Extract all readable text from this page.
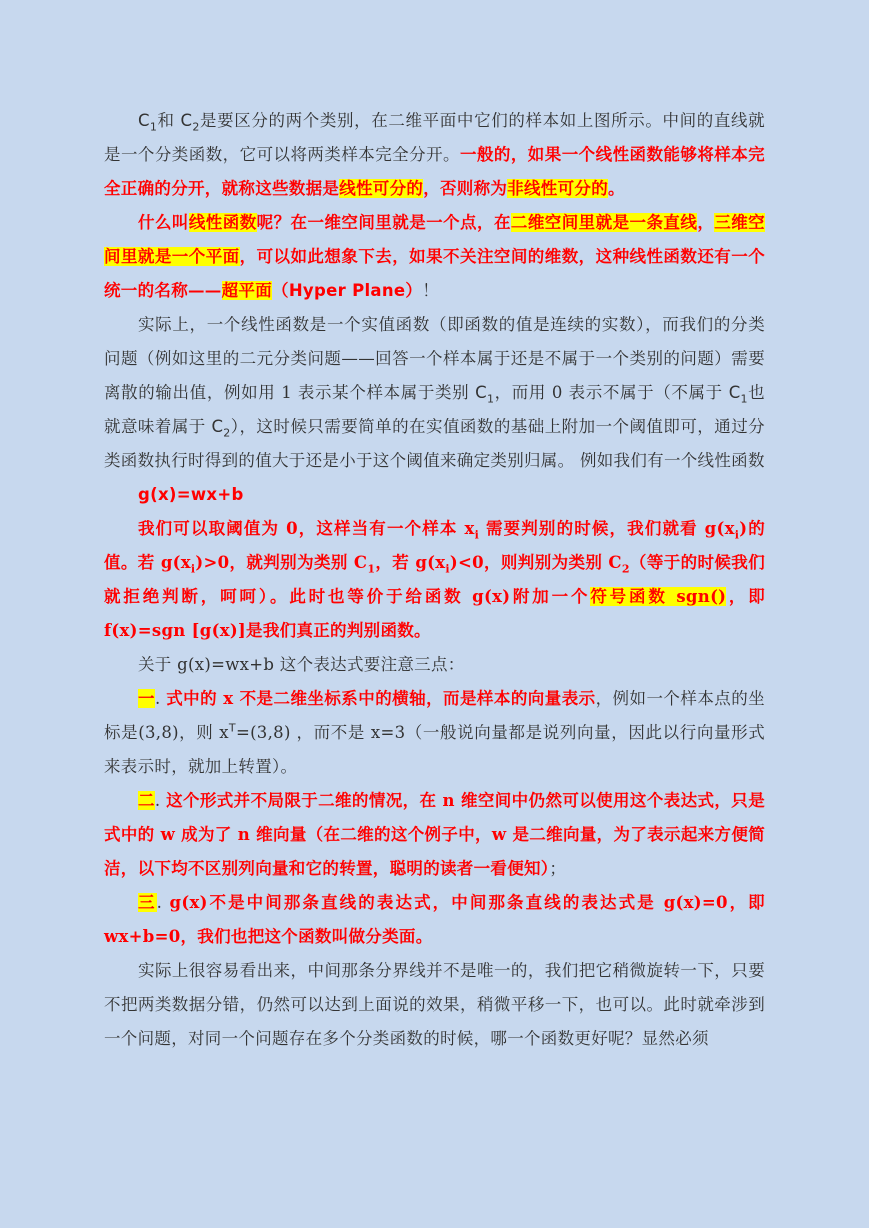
$C_1$和 $C_2$是要区分的两个类别，在二维平面中它们的样本如上图所示。中间的直线就是一个分类函数，它可以将两类样本完全分开。一般的，如果一个线性函数能够将样本完全正确的分开，就称这些数据是线性可分的，否则称为非线性可分的。

什么叫线性函数呢？在一维空间里就是一个点，在二维空间里就是一条直线，三维空间里就是一个平面，可以如此想象下去，如果不关注空间的维数，这种线性函数还有一个统一的名称——超平面（Hyper Plane）！

实际上，一个线性函数是一个实值函数（即函数的值是连续的实数），而我们的分类问题（例如这里的二元分类问题——回答一个样本属于还是不属于一个类别的问题）需要离散的输出值，例如用 1 表示某个样本属于类别 $C_1$，而用 0 表示不属于（不属于 $C_1$也就意味着属于 $C_2$），这时候只需要简单的在实值函数的基础上附加一个阈值即可，通过分类函数执行时得到的值大于还是小于这个阈值来确定类别归属。 例如我们有一个线性函数

g(x)=wx+b

我们可以取阈值为 0，这样当有一个样本 $x_i$ 需要判别的时候，我们就看 $g(x_i)$的值。若 $g(x_i)>0$，就判别为类别 $C_1$，若 $g(x_i)<0$，则判别为类别 $C_2$（等于的时候我们就拒绝判断，呵呵）。此时也等价于给函数 g(x)附加一个符号函数 sgn()，即 f(x)=sgn [g(x)]是我们真正的判别函数。

关于 g(x)=wx+b 这个表达式要注意三点：

一. 式中的 x 不是二维坐标系中的横轴，而是样本的向量表示，例如一个样本点的坐标是(3,8)，则 $x^T=(3,8)$ ，而不是 x=3（一般说向量都是说列向量，因此以行向量形式来表示时，就加上转置）。

二. 这个形式并不局限于二维的情况，在 n 维空间中仍然可以使用这个表达式，只是式中的 w 成为了 n 维向量（在二维的这个例子中，w 是二维向量，为了表示起来方便简洁，以下均不区别列向量和它的转置，聪明的读者一看便知）；

三. g(x)不是中间那条直线的表达式，中间那条直线的表达式是 g(x)=0，即 wx+b=0，我们也把这个函数叫做分类面。

实际上很容易看出来，中间那条分界线并不是唯一的，我们把它稍微旋转一下，只要不把两类数据分错，仍然可以达到上面说的效果，稍微平移一下，也可以。此时就牵涉到一个问题，对同一个问题存在多个分类函数的时候，哪一个函数更好呢？显然必须
